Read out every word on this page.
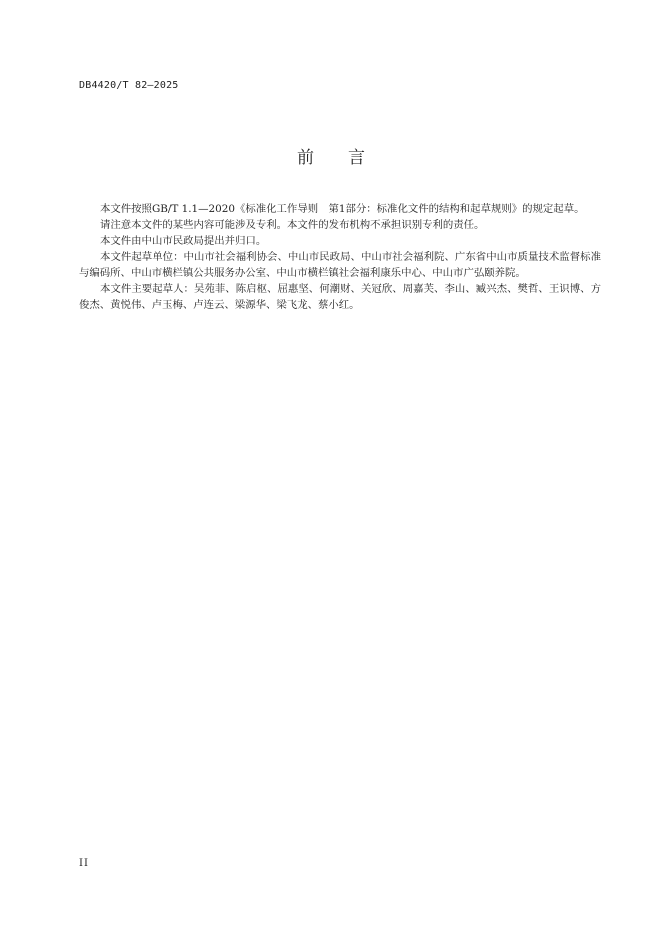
DB4420/T 82—2025
前 言

本文件按照GB/T 1.1—2020《标准化工作导则　第1部分：标准化文件的结构和起草规则》的规定起草。

请注意本文件的某些内容可能涉及专利。本文件的发布机构不承担识别专利的责任。

本文件由中山市民政局提出并归口。

本文件起草单位：中山市社会福利协会、中山市民政局、中山市社会福利院、广东省中山市质量技术监督标准与编码所、中山市横栏镇公共服务办公室、中山市横栏镇社会福利康乐中心、中山市广弘颐养院。

本文件主要起草人：吴苑菲、陈启枢、屈惠坚、何潮财、关冠欣、周嘉芙、李山、臧兴杰、樊哲、王识博、方俊杰、黄悦伟、卢玉梅、卢连云、梁源华、梁飞龙、蔡小红。

II
